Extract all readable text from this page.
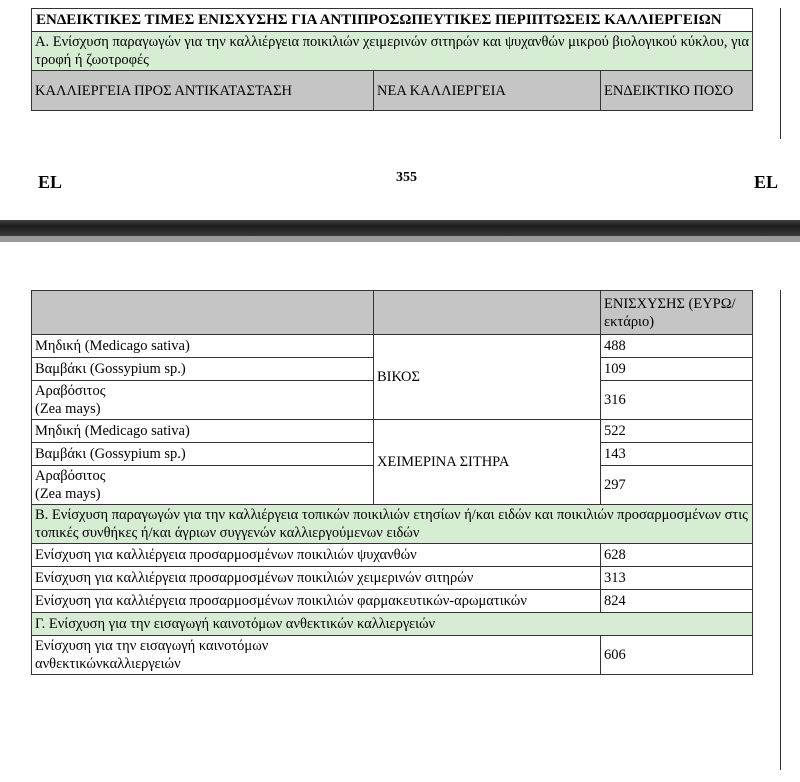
ΕΝΔΕΙΚΤΙΚΕΣ ΤΙΜΕΣ ΕΝΙΣΧΥΣΗΣ ΓΙΑ ΑΝΤΙΠΡΟΣΩΠΕΥΤΙΚΕΣ ΠΕΡΙΠΤΩΣΕΙΣ ΚΑΛΛΙΕΡΓΕΙΩΝ
Α. Ενίσχυση παραγωγών για την καλλιέργεια ποικιλιών χειμερινών σιτηρών και ψυχανθών μικρού βιολογικού κύκλου, για τροφή ή ζωοτροφές
ΚΑΛΛΙΕΡΓΕΙΑ ΠΡΟΣ ΑΝΤΙΚΑΤΑΣΤΑΣΗ	ΝΕΑ ΚΑΛΛΙΕΡΓΕΙΑ	ΕΝΔΕΙΚΤΙΚΟ ΠΟΣΟ
EL	355	EL
		ΕΝΙΣΧΥΣΗΣ (ΕΥΡΩ/εκτάριο)
Μηδική (Medicago sativa)	ΒΙΚΟΣ	488
Βαμβάκι (Gossypium sp.)		109
Αραβόσιτος (Zea mays)		316
Μηδική (Medicago sativa)	ΧΕΙΜΕΡΙΝΑ ΣΙΤΗΡΑ	522
Βαμβάκι (Gossypium sp.)		143
Αραβόσιτος (Zea mays)		297
Β. Ενίσχυση παραγωγών για την καλλιέργεια τοπικών ποικιλιών ετησίων ή/και ειδών και ποικιλιών προσαρμοσμένων στις τοπικές συνθήκες ή/και άγριων συγγενών καλλιεργούμενων ειδών		
Ενίσχυση για καλλιέργεια προσαρμοσμένων ποικιλιών ψυχανθών		628
Ενίσχυση για καλλιέργεια προσαρμοσμένων ποικιλιών χειμερινών σιτηρών		313
Ενίσχυση για καλλιέργεια προσαρμοσμένων ποικιλιών φαρμακευτικών-αρωματικών		824
Γ. Ενίσχυση για την εισαγωγή καινοτόμων ανθεκτικών καλλιεργειών		
Ενίσχυση για την εισαγωγή καινοτόμων ανθεκτικώνκαλλιεργειών		606
